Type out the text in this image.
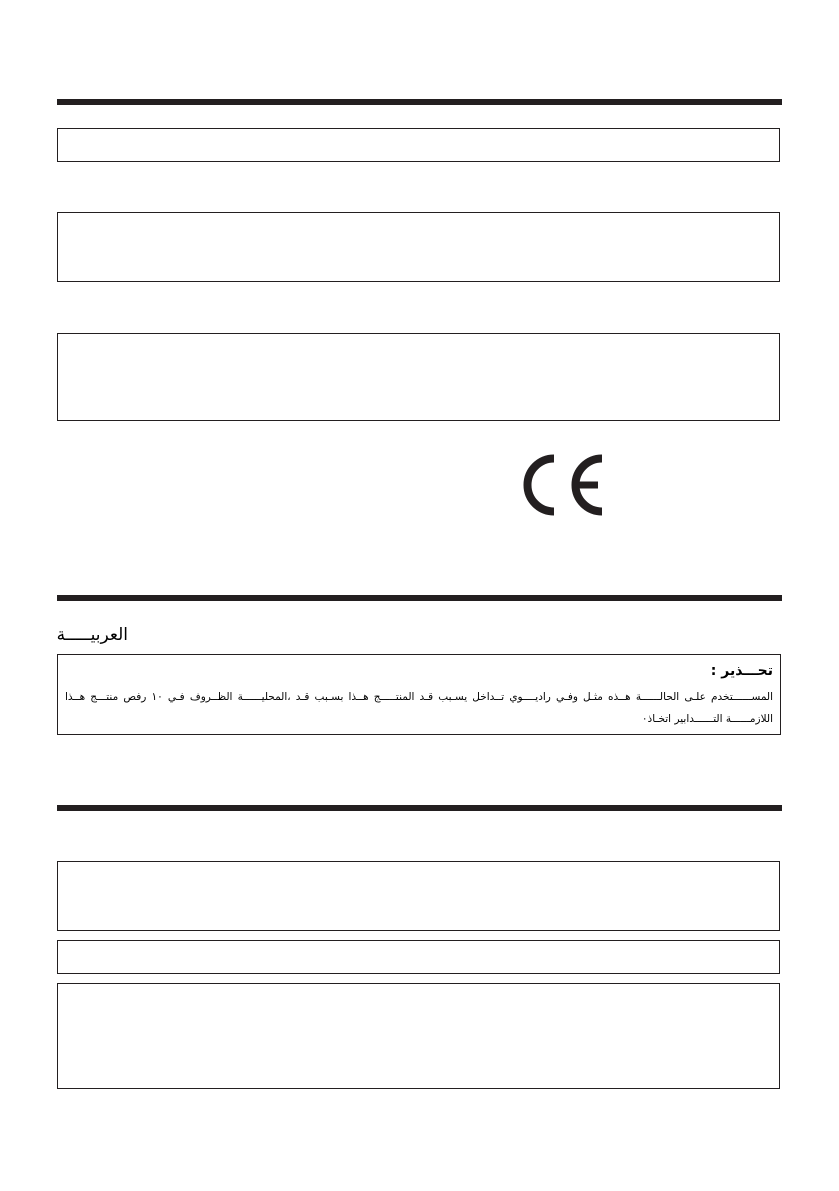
العربيـــــة
تحـــذير :
المســــــتخدم علـى الحالــــــة هــذه مثـل وفـي راديــــوي تــداخل يسـبب قـد المنتـــــج هــذا بسـبب قـد ،المحليــــــة الظــروف فـي ١٠ رفص منتـــج هــذا اللازمــــــة التــــــدابير اتخـاذ٠
